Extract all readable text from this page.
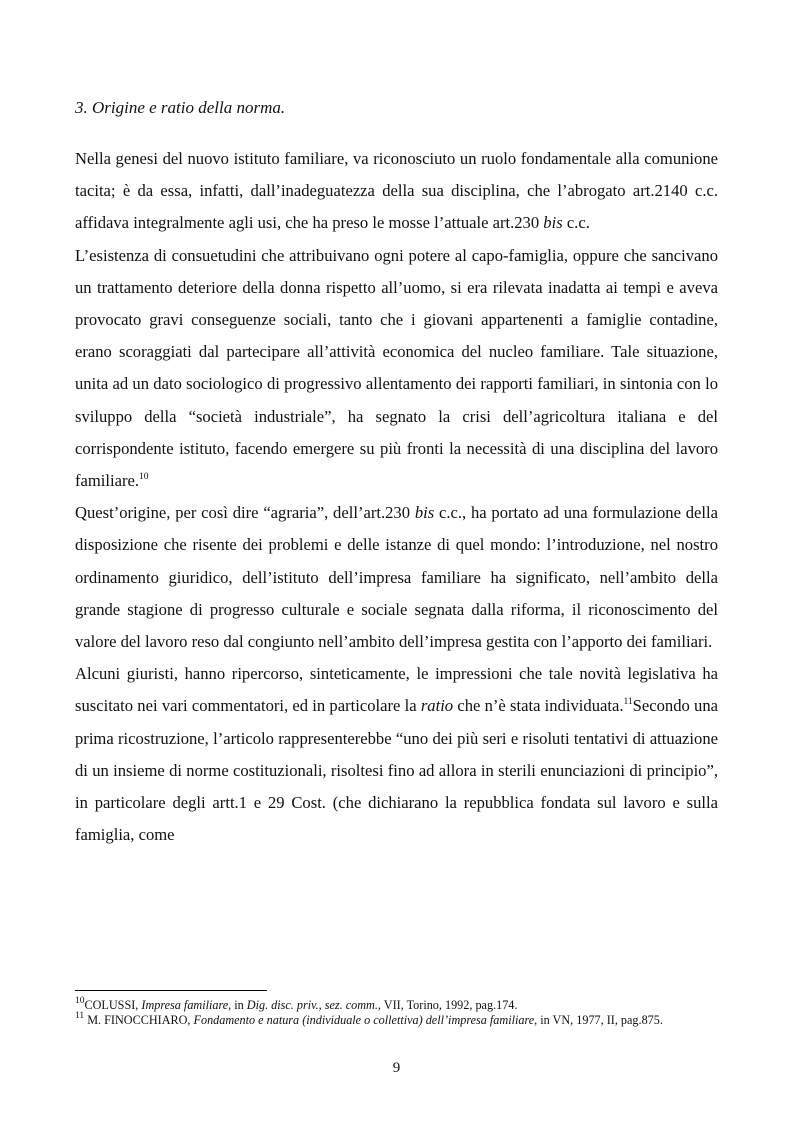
3. Origine e ratio della norma.

Nella genesi del nuovo istituto familiare, va riconosciuto un ruolo fondamentale alla comunione tacita; è da essa, infatti, dall’inadeguatezza della sua disciplina, che l’abrogato art.2140 c.c. affidava integralmente agli usi, che ha preso le mosse l’attuale art.230 bis c.c.

L’esistenza di consuetudini che attribuivano ogni potere al capo-famiglia, oppure che sancivano un trattamento deteriore della donna rispetto all’uomo, si era rilevata inadatta ai tempi e aveva provocato gravi conseguenze sociali, tanto che i giovani appartenenti a famiglie contadine, erano scoraggiati dal partecipare all’attività economica del nucleo familiare. Tale situazione, unita ad un dato sociologico di progressivo allentamento dei rapporti familiari, in sintonia con lo sviluppo della “società industriale”, ha segnato la crisi dell’agricoltura italiana e del corrispondente istituto, facendo emergere su più fronti la necessità di una disciplina del lavoro familiare.$^{10}$

Quest’origine, per così dire “agraria”, dell’art.230 bis c.c., ha portato ad una formulazione della disposizione che risente dei problemi e delle istanze di quel mondo: l’introduzione, nel nostro ordinamento giuridico, dell’istituto dell’impresa familiare ha significato, nell’ambito della grande stagione di progresso culturale e sociale segnata dalla riforma, il riconoscimento del valore del lavoro reso dal congiunto nell’ambito dell’impresa gestita con l’apporto dei familiari.

Alcuni giuristi, hanno ripercorso, sinteticamente, le impressioni che tale novità legislativa ha suscitato nei vari commentatori, ed in particolare la ratio che n’è stata individuata.$^{11}$Secondo una prima ricostruzione, l’articolo rappresenterebbe “uno dei più seri e risoluti tentativi di attuazione di un insieme di norme costituzionali, risoltesi fino ad allora in sterili enunciazioni di principio”, in particolare degli artt.1 e 29 Cost. (che dichiarano la repubblica fondata sul lavoro e sulla famiglia, come

$^{10}$COLUSSI, Impresa familiare, in Dig. disc. priv., sez. comm., VII, Torino, 1992, pag.174.

$^{11}$ M. FINOCCHIARO, Fondamento e natura (individuale o collettiva) dell’impresa familiare, in VN, 1977, II, pag.875.

9
